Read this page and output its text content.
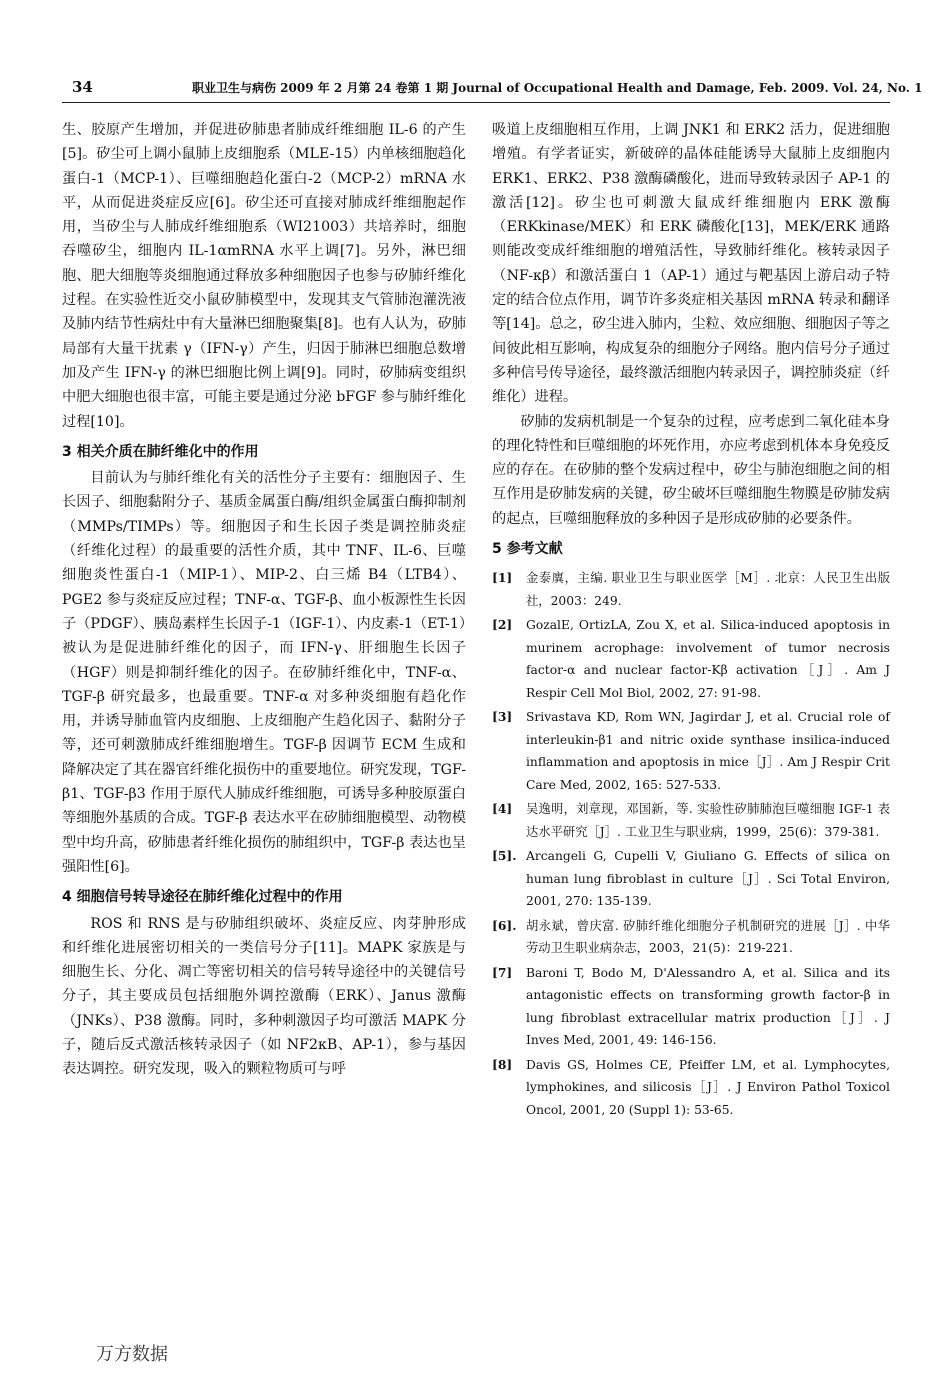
34	职业卫生与病伤 2009 年 2 月第 24 卷第 1 期 Journal of Occupational Health and Damage, Feb. 2009. Vol. 24, No. 1

生、胶原产生增加，并促进矽肺患者肺成纤维细胞 IL-6 的产生[5]。矽尘可上调小鼠肺上皮细胞系（MLE-15）内单核细胞趋化蛋白-1（MCP-1）、巨噬细胞趋化蛋白-2（MCP-2）mRNA 水平，从而促进炎症反应[6]。矽尘还可直接对肺成纤维细胞起作用，当矽尘与人肺成纤维细胞系（WI21003）共培养时，细胞吞噬矽尘，细胞内 IL-1αmRNA 水平上调[7]。另外，淋巴细胞、肥大细胞等炎细胞通过释放多种细胞因子也参与矽肺纤维化过程。在实验性近交小鼠矽肺模型中，发现其支气管肺泡灌洗液及肺内结节性病灶中有大量淋巴细胞聚集[8]。也有人认为，矽肺局部有大量干扰素 γ（IFN-γ）产生，归因于肺淋巴细胞总数增加及产生 IFN-γ 的淋巴细胞比例上调[9]。同时，矽肺病变组织中肥大细胞也很丰富，可能主要是通过分泌 bFGF 参与肺纤维化过程[10]。

3 相关介质在肺纤维化中的作用

目前认为与肺纤维化有关的活性分子主要有：细胞因子、生长因子、细胞黏附分子、基质金属蛋白酶/组织金属蛋白酶抑制剂（MMPs/TIMPs）等。细胞因子和生长因子类是调控肺炎症（纤维化过程）的最重要的活性介质，其中 TNF、IL-6、巨噬细胞炎性蛋白-1（MIP-1）、MIP-2、白三烯 B4（LTB4）、PGE2 参与炎症反应过程；TNF-α、TGF-β、血小板源性生长因子（PDGF）、胰岛素样生长因子-1（IGF-1）、内皮素-1（ET-1）被认为是促进肺纤维化的因子，而 IFN-γ、肝细胞生长因子（HGF）则是抑制纤维化的因子。在矽肺纤维化中，TNF-α、TGF-β 研究最多，也最重要。TNF-α 对多种炎细胞有趋化作用，并诱导肺血管内皮细胞、上皮细胞产生趋化因子、黏附分子等，还可刺激肺成纤维细胞增生。TGF-β 因调节 ECM 生成和降解决定了其在器官纤维化损伤中的重要地位。研究发现，TGF-β1、TGF-β3 作用于原代人肺成纤维细胞，可诱导多种胶原蛋白等细胞外基质的合成。TGF-β 表达水平在矽肺细胞模型、动物模型中均升高，矽肺患者纤维化损伤的肺组织中，TGF-β 表达也呈强阳性[6]。

4 细胞信号转导途径在肺纤维化过程中的作用

ROS 和 RNS 是与矽肺组织破坏、炎症反应、肉芽肿形成和纤维化进展密切相关的一类信号分子[11]。MAPK 家族是与细胞生长、分化、凋亡等密切相关的信号转导途径中的关键信号分子，其主要成员包括细胞外调控激酶（ERK）、Janus 激酶（JNKs）、P38 激酶。同时，多种刺激因子均可激活 MAPK 分子，随后反式激活核转录因子（如 NF2κB、AP-1），参与基因表达调控。研究发现，吸入的颗粒物质可与呼

吸道上皮细胞相互作用，上调 JNK1 和 ERK2 活力，促进细胞增殖。有学者证实，新破碎的晶体硅能诱导大鼠肺上皮细胞内 ERK1、ERK2、P38 激酶磷酸化，进而导致转录因子 AP-1 的激活[12]。矽尘也可刺激大鼠成纤维细胞内 ERK 激酶（ERKkinase/MEK）和 ERK 磷酸化[13]，MEK/ERK 通路则能改变成纤维细胞的增殖活性，导致肺纤维化。核转录因子（NF-κβ）和激活蛋白 1（AP-1）通过与靶基因上游启动子特定的结合位点作用，调节许多炎症相关基因 mRNA 转录和翻译等[14]。总之，矽尘进入肺内，尘粒、效应细胞、细胞因子等之间彼此相互影响，构成复杂的细胞分子网络。胞内信号分子通过多种信号传导途径，最终激活细胞内转录因子，调控肺炎症（纤维化）进程。

矽肺的发病机制是一个复杂的过程，应考虑到二氧化硅本身的理化特性和巨噬细胞的坏死作用，亦应考虑到机体本身免疫反应的存在。在矽肺的整个发病过程中，矽尘与肺泡细胞之间的相互作用是矽肺发病的关键，矽尘破坏巨噬细胞生物膜是矽肺发病的起点，巨噬细胞释放的多种因子是形成矽肺的必要条件。

5 参考文献
[1]	金泰廙，主编. 职业卫生与职业医学［M］. 北京：人民卫生出版社，2003：249.
[2]	GozalE, OrtizLA, Zou X, et al. Silica-induced apoptosis in murinem acrophage: involvement of tumor necrosis factor-α and nuclear factor-Kβ activation［J］. Am J Respir Cell Mol Biol, 2002, 27: 91-98.
[3]	Srivastava KD, Rom WN, Jagirdar J, et al. Crucial role of interleukin-β1 and nitric oxide synthase insilica-induced inflammation and apoptosis in mice［J］. Am J Respir Crit Care Med, 2002, 165: 527-533.
[4]	吴逸明，刘章现，邓国新，等. 实验性矽肺肺泡巨噬细胞 IGF-1 表达水平研究［J］. 工业卫生与职业病，1999，25(6)：379-381.
[5]. Arcangeli G, Cupelli V, Giuliano G. Effects of silica on human lung fibroblast in culture［J］. Sci Total Environ, 2001, 270: 135-139.
[6]. 胡永斌，曾庆富. 矽肺纤维化细胞分子机制研究的进展［J］. 中华劳动卫生职业病杂志，2003，21(5)：219-221.
[7]	Baroni T, Bodo M, D'Alessandro A, et al. Silica and its antagonistic effects on transforming growth factor-β in lung fibroblast extracellular matrix production［J］. J Inves Med, 2001, 49: 146-156.
[8]	Davis GS, Holmes CE, Pfeiffer LM, et al. Lymphocytes, lymphokines, and silicosis［J］. J Environ Pathol Toxicol Oncol, 2001, 20 (Suppl 1): 53-65.
万方数据
